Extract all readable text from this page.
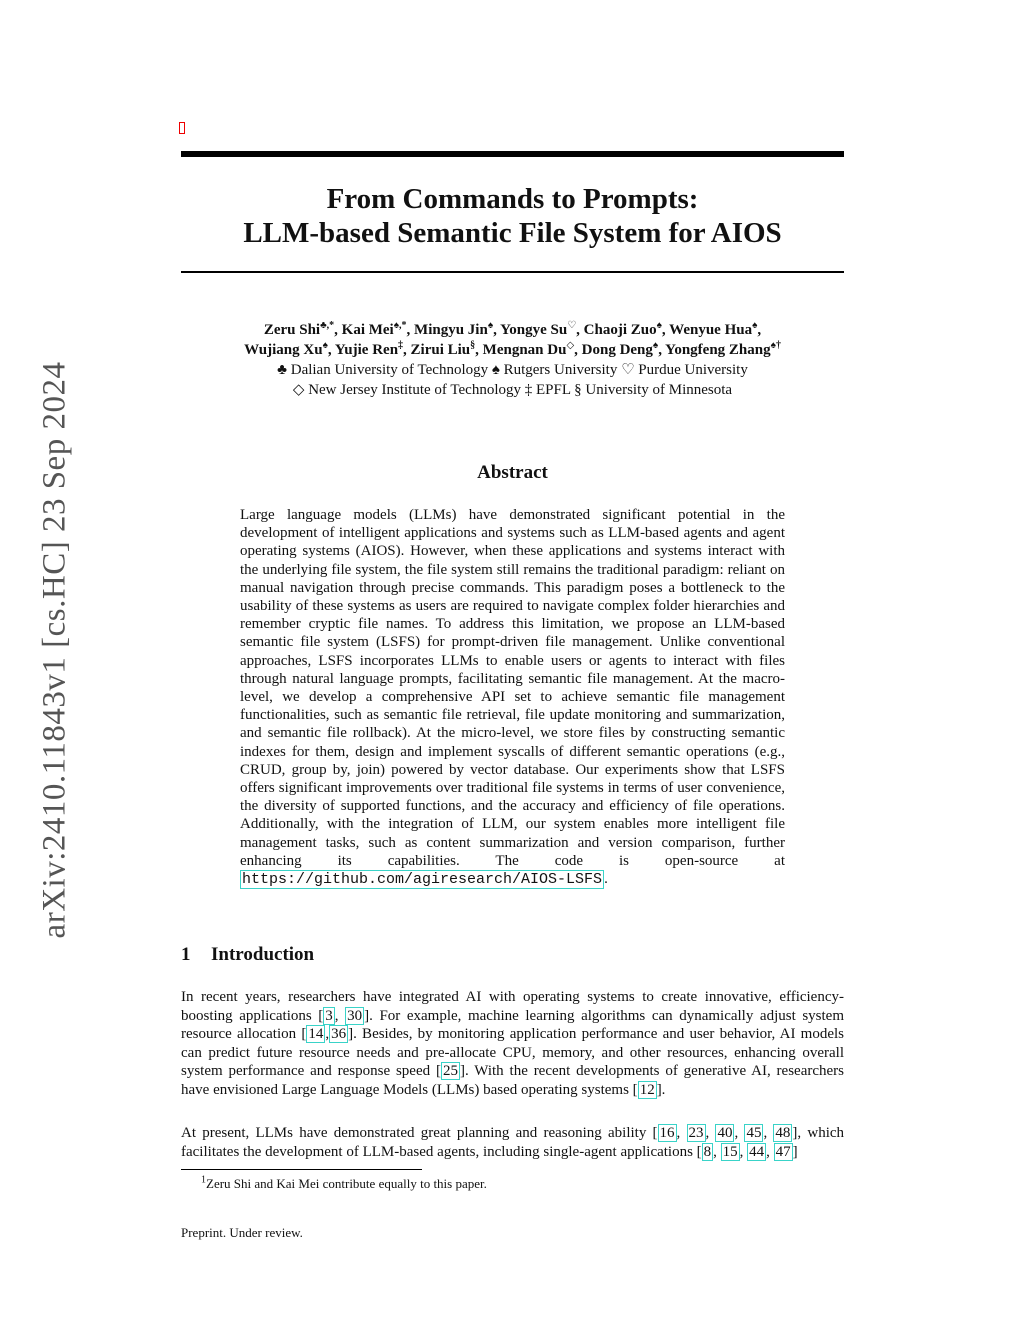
From Commands to Prompts:
LLM-based Semantic File System for AIOS
Zeru Shi♣,*, Kai Mei♠,*, Mingyu Jin♠, Yongye Su♡, Chaoji Zuo♠, Wenyue Hua♠,
Wujiang Xu♠, Yujie Ren‡, Zirui Liu§, Mengnan Du◇, Dong Deng♠, Yongfeng Zhang♠†
♣ Dalian University of Technology ♠ Rutgers University ♡ Purdue University
◇ New Jersey Institute of Technology ‡ EPFL § University of Minnesota
arXiv:2410.11843v1 [cs.HC] 23 Sep 2024	Abstract
Large language models (LLMs) have demonstrated significant potential in the development of intelligent applications and systems such as LLM-based agents and agent operating systems (AIOS). However, when these applications and systems interact with the underlying file system, the file system still remains the traditional paradigm: reliant on manual navigation through precise commands. This paradigm poses a bottleneck to the usability of these systems as users are required to navigate complex folder hierarchies and remember cryptic file names. To address this limitation, we propose an LLM-based semantic file system (LSFS) for prompt-driven file management. Unlike conventional approaches, LSFS incorporates LLMs to enable users or agents to interact with files through natural language prompts, facilitating semantic file management. At the macro-level, we develop a comprehensive API set to achieve semantic file management functionalities, such as semantic file retrieval, file update monitoring and summarization, and semantic file rollback). At the micro-level, we store files by constructing semantic indexes for them, design and implement syscalls of different semantic operations (e.g., CRUD, group by, join) powered by vector database. Our experiments show that LSFS offers significant improvements over traditional file systems in terms of user convenience, the diversity of supported functions, and the accuracy and efficiency of file operations. Additionally, with the integration of LLM, our system enables more intelligent file management tasks, such as content summarization and version comparison, further enhancing its capabilities. The code is open-source at https://github.com/agiresearch/AIOS-LSFS .
1 Introduction
In recent years, researchers have integrated AI with operating systems to create innovative, efficiency-boosting applications [ 3 , 30 ]. For example, machine learning algorithms can dynamically adjust system resource allocation [ 14 , 36 ]. Besides, by monitoring application performance and user behavior, AI models can predict future resource needs and pre-allocate CPU, memory, and other resources, enhancing overall system performance and response speed [ 25 ]. With the recent developments of generative AI, researchers have envisioned Large Language Models (LLMs) based operating systems [ 12 ].
At present, LLMs have demonstrated great planning and reasoning ability [ 16 , 23 , 40 , 45 , 48 ], which facilitates the development of LLM-based agents, including single-agent applications [ 8 , 15 , 44 , 47 ]
$^1$Zeru Shi and Kai Mei contribute equally to this paper.
Preprint. Under review.
